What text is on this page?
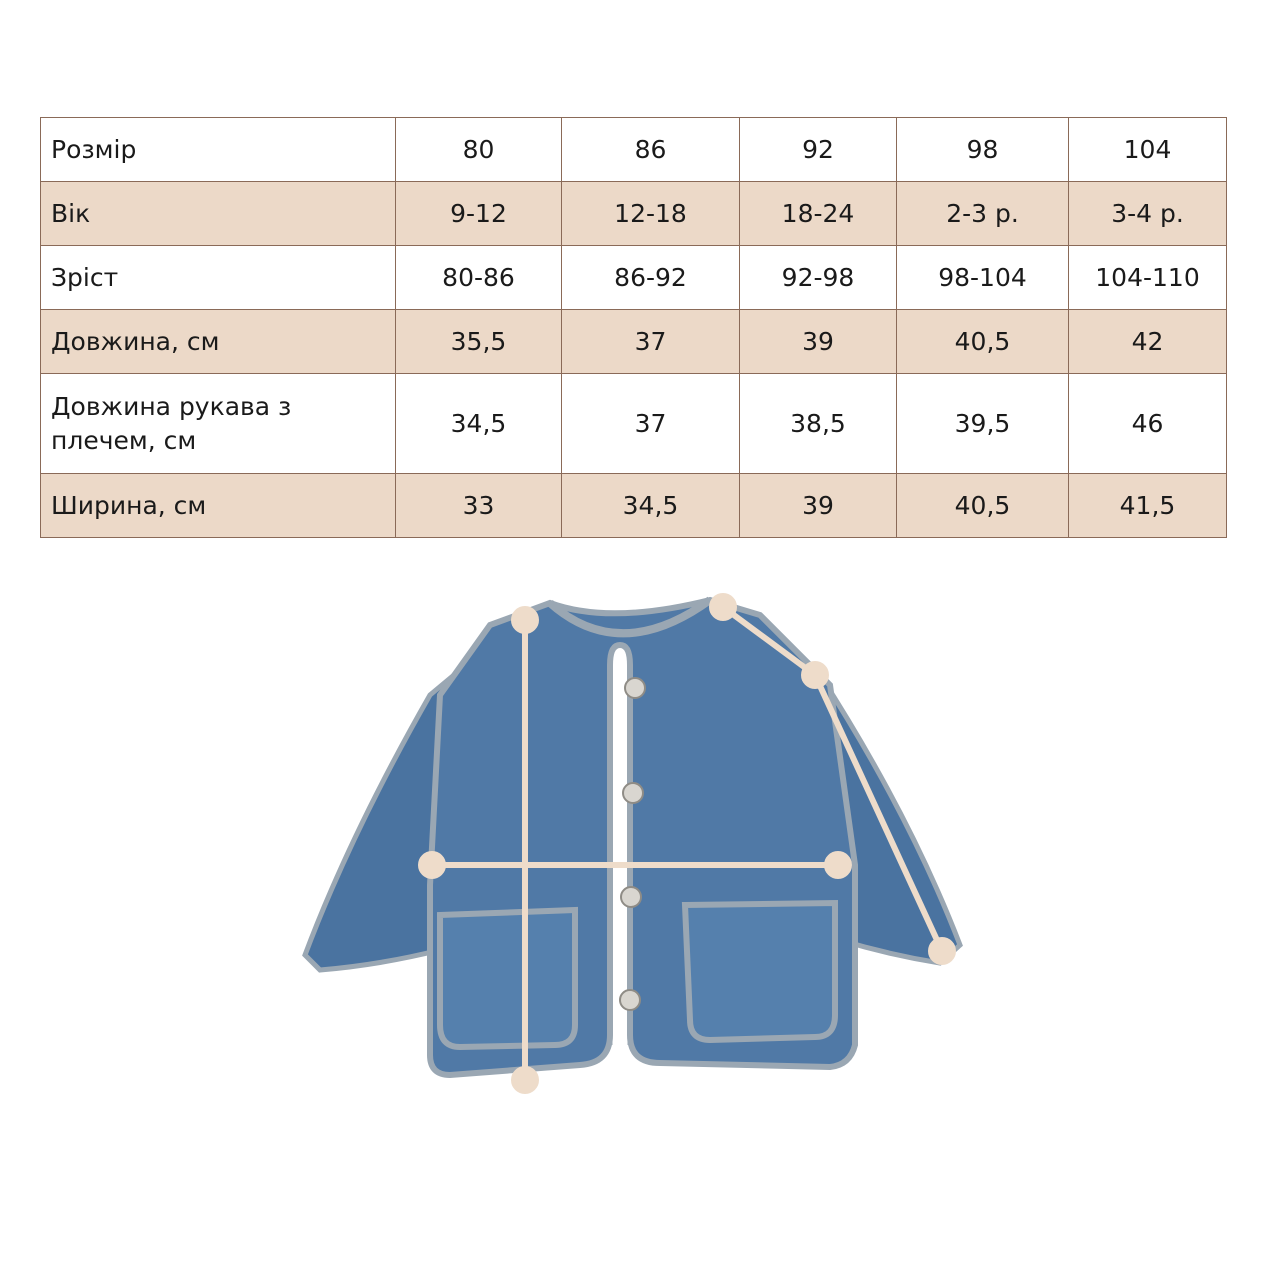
Розмір	80	86	92	98	104
Вік	9-12	12-18	18-24	2-3 р.	3-4 р.
Зріст	80-86	86-92	92-98	98-104	104-110
Довжина, см	35,5	37	39	40,5	42
Довжина рукава з плечем, см	34,5	37	38,5	39,5	46
Ширина, см	33	34,5	39	40,5	41,5
